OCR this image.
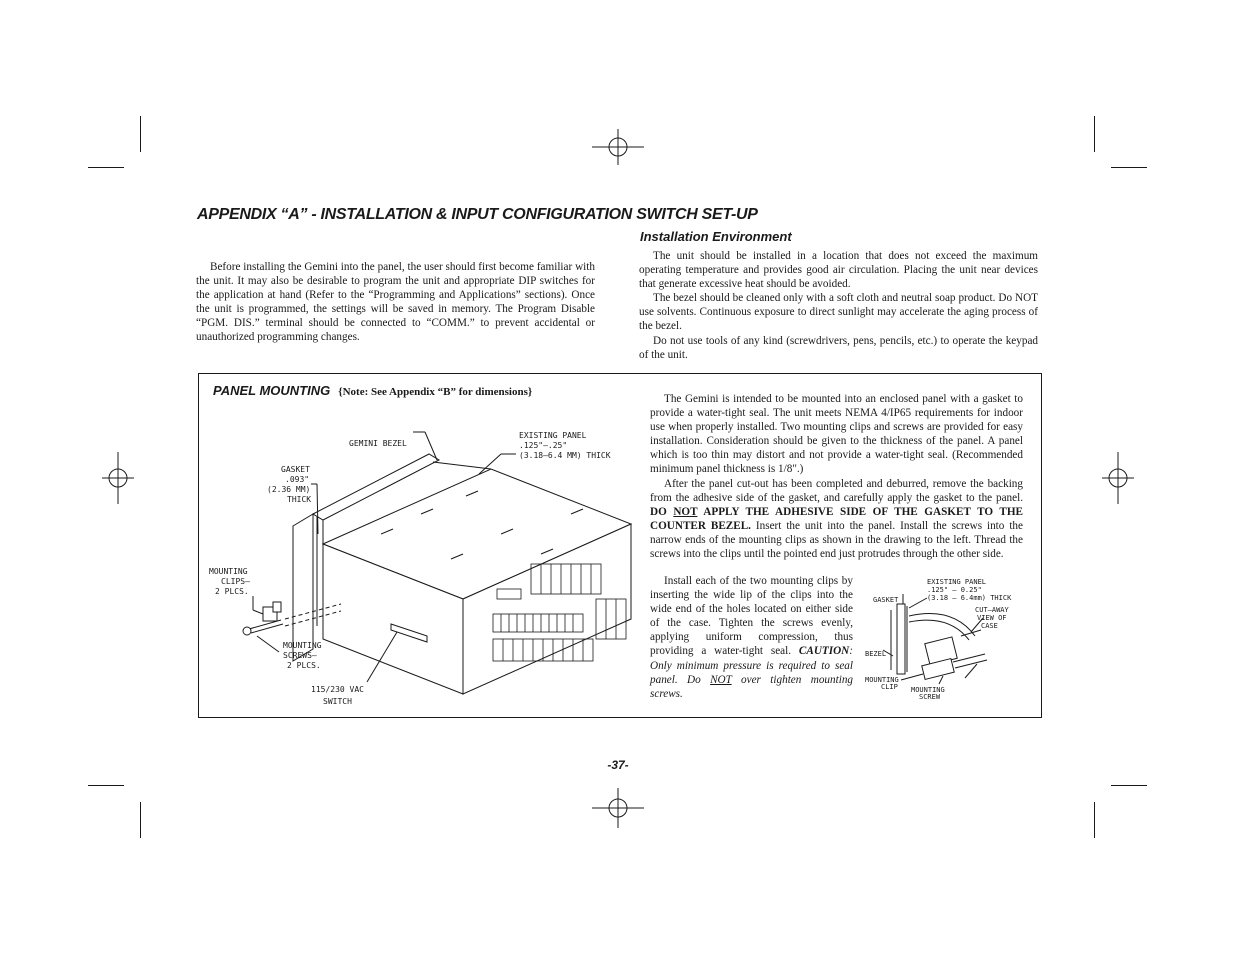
APPENDIX “A” - INSTALLATION & INPUT CONFIGURATION SWITCH SET-UP

Before installing the Gemini into the panel, the user should first become familiar with the unit. It may also be desirable to program the unit and appropriate DIP switches for the application at hand (Refer to the “Programming and Applications” sections). Once the unit is programmed, the settings will be saved in memory. The Program Disable “PGM. DIS.” terminal should be connected to “COMM.” to prevent accidental or unauthorized programming changes.

Installation Environment

The unit should be installed in a location that does not exceed the maximum operating temperature and provides good air circulation. Placing the unit near devices that generate excessive heat should be avoided.

The bezel should be cleaned only with a soft cloth and neutral soap product. Do NOT use solvents. Continuous exposure to direct sunlight may accelerate the aging process of the bezel.

Do not use tools of any kind (screwdrivers, pens, pencils, etc.) to operate the keypad of the unit.

PANEL MOUNTING {Note: See Appendix “B” for dimensions}
GEMINI BEZEL
EXISTING PANEL
.125"–.25"
(3.18–6.4 MM) THICK
GASKET
.093"
(2.36 MM)
THICK
MOUNTING
CLIPS–
2 PLCS.
MOUNTING
SCREWS–
2 PLCS.
115/230 VAC
SWITCH

The Gemini is intended to be mounted into an enclosed panel with a gasket to provide a water-tight seal. The unit meets NEMA 4/IP65 requirements for indoor use when properly installed. Two mounting clips and screws are provided for easy installation. Consideration should be given to the thickness of the panel. A panel which is too thin may distort and not provide a water-tight seal. (Recommended minimum panel thickness is 1/8".)

After the panel cut-out has been completed and deburred, remove the backing from the adhesive side of the gasket, and carefully apply the gasket to the panel. DO NOT APPLY THE ADHESIVE SIDE OF THE GASKET TO THE COUNTER BEZEL. Insert the unit into the panel. Install the screws into the narrow ends of the mounting clips as shown in the drawing to the left. Thread the screws into the clips until the pointed end just protrudes through the other side.

Install each of the two mounting clips by inserting the wide lip of the clips into the wide end of the holes located on either side of the case. Tighten the screws evenly, applying uniform compression, thus providing a water-tight seal. CAUTION: Only minimum pressure is required to seal panel. Do NOT over tighten mounting screws.

EXISTING PANEL
.125" – 0.25"
(3.18 – 6.4mm) THICK
GASKET
CUT–AWAY
VIEW OF
CASE
BEZEL
MOUNTING
CLIP MOUNTING
SCREW
-37-
